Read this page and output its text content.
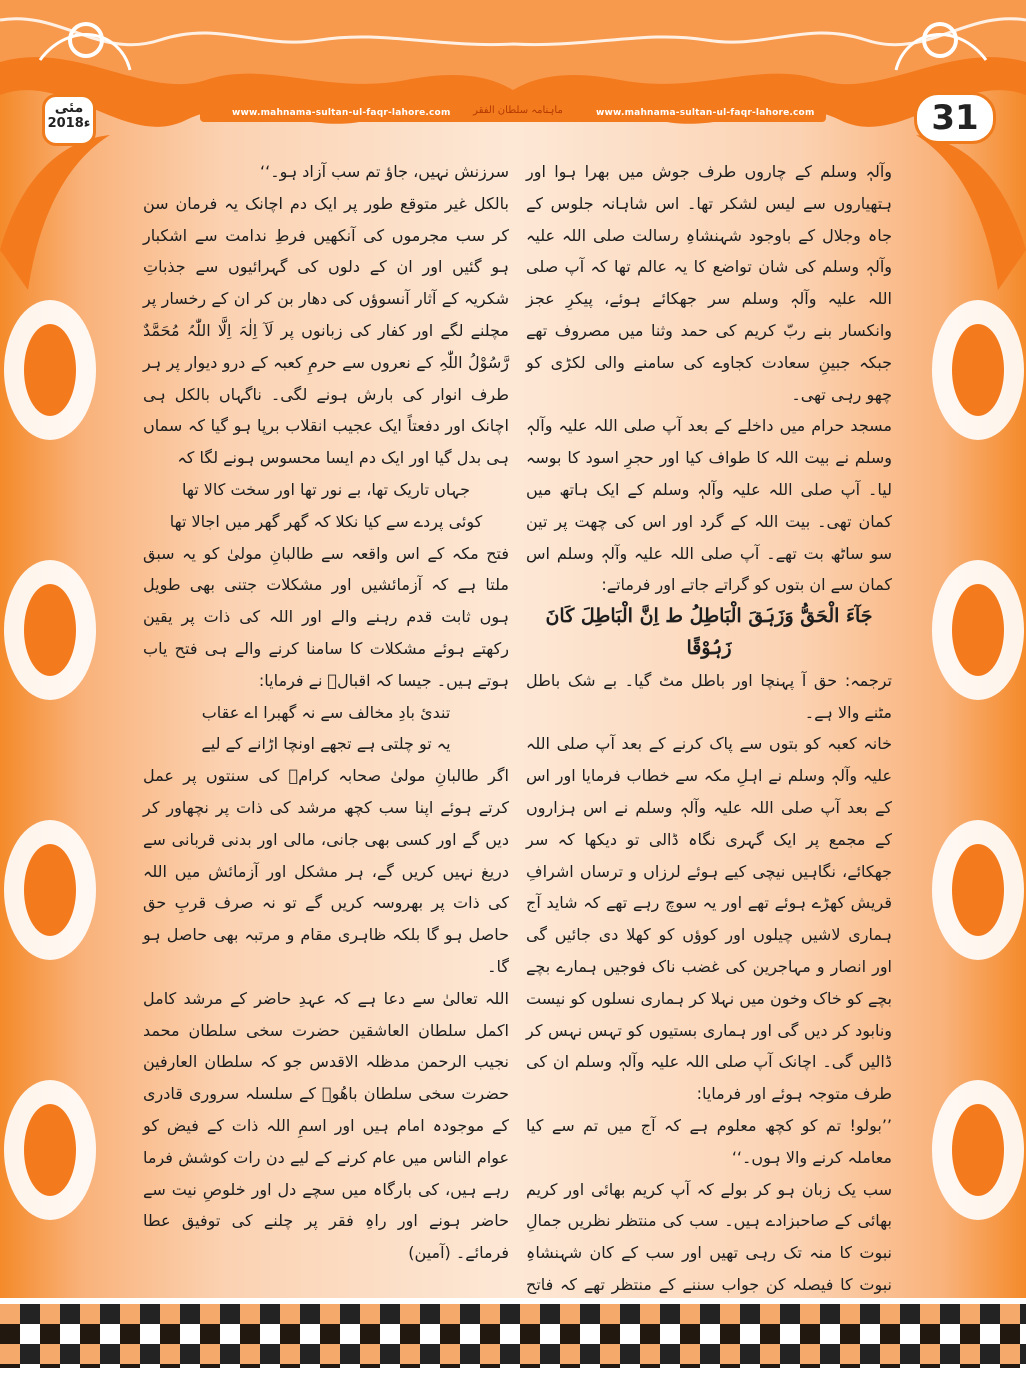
www.mahnama-sultan-ul-faqr-lahore.com	ماہنامہ سلطان الفقر	www.mahnama-sultan-ul-faqr-lahore.com
مئی
2018ء	31

وآلہٖ وسلم کے چاروں طرف جوش میں بھرا ہوا اور ہتھیاروں سے لیس لشکر تھا۔ اس شاہانہ جلوس کے جاہ وجلال کے باوجود شہنشاہِ رسالت صلی اللہ علیہ وآلہٖ وسلم کی شان تواضع کا یہ عالم تھا کہ آپ صلی اللہ علیہ وآلہٖ وسلم سر جھکائے ہوئے، پیکرِ عجز وانکسار بنے ربّ کریم کی حمد وثنا میں مصروف تھے جبکہ جبینِ سعادت کجاوے کی سامنے والی لکڑی کو چھو رہی تھی۔

مسجد حرام میں داخلے کے بعد آپ صلی اللہ علیہ وآلہٖ وسلم نے بیت اللہ کا طواف کیا اور حجرِ اسود کا بوسہ لیا۔ آپ صلی اللہ علیہ وآلہٖ وسلم کے ایک ہاتھ میں کمان تھی۔ بیت اللہ کے گرد اور اس کی چھت پر تین سو ساٹھ بت تھے۔ آپ صلی اللہ علیہ وآلہٖ وسلم اس کمان سے ان بتوں کو گراتے جاتے اور فرماتے:

جَآءَ الْحَقُّ وَزَہَقَ الْبَاطِلُ ط اِنَّ الْبَاطِلَ کَانَ زَہُوْقًا

ترجمہ: حق آ پہنچا اور باطل مٹ گیا۔ بے شک باطل مٹنے والا ہے۔

خانہ کعبہ کو بتوں سے پاک کرنے کے بعد آپ صلی اللہ علیہ وآلہٖ وسلم نے اہلِ مکہ سے خطاب فرمایا اور اس کے بعد آپ صلی اللہ علیہ وآلہٖ وسلم نے اس ہزاروں کے مجمع پر ایک گہری نگاہ ڈالی تو دیکھا کہ سر جھکائے، نگاہیں نیچی کیے ہوئے لرزاں و ترساں اشرافِ قریش کھڑے ہوئے تھے اور یہ سوچ رہے تھے کہ شاید آج ہماری لاشیں چیلوں اور کوؤں کو کھلا دی جائیں گی اور انصار و مہاجرین کی غضب ناک فوجیں ہمارے بچے بچے کو خاک وخون میں نہلا کر ہماری نسلوں کو نیست ونابود کر دیں گی اور ہماری بستیوں کو تہس نہس کر ڈالیں گی۔ اچانک آپ صلی اللہ علیہ وآلہٖ وسلم ان کی طرف متوجہ ہوئے اور فرمایا:

’’بولو! تم کو کچھ معلوم ہے کہ آج میں تم سے کیا معاملہ کرنے والا ہوں۔‘‘

سب یک زبان ہو کر بولے کہ آپ کریم بھائی اور کریم بھائی کے صاحبزادے ہیں۔ سب کی منتظر نظریں جمالِ نبوت کا منہ تک رہی تھیں اور سب کے کان شہنشاہِ نبوت کا فیصلہ کن جواب سننے کے منتظر تھے کہ فاتح

سرزنش نہیں، جاؤ تم سب آزاد ہو۔‘‘

بالکل غیر متوقع طور پر ایک دم اچانک یہ فرمان سن کر سب مجرموں کی آنکھیں فرطِ ندامت سے اشکبار ہو گئیں اور ان کے دلوں کی گہرائیوں سے جذباتِ شکریہ کے آثار آنسوؤں کی دھار بن کر ان کے رخسار پر مچلنے لگے اور کفار کی زبانوں پر لَآ اِلٰہَ اِلَّا اللّٰہُ مُحَمَّدٌ رَّسُوْلُ اللّٰہِ کے نعروں سے حرمِ کعبہ کے درو دیوار پر ہر طرف انوار کی بارش ہونے لگی۔ ناگہاں بالکل ہی اچانک اور دفعتاً ایک عجیب انقلاب برپا ہو گیا کہ سماں ہی بدل گیا اور ایک دم ایسا محسوس ہونے لگا کہ

جہاں تاریک تھا، بے نور تھا اور سخت کالا تھا

کوئی پردے سے کیا نکلا کہ گھر گھر میں اجالا تھا

فتح مکہ کے اس واقعہ سے طالبانِ مولیٰ کو یہ سبق ملتا ہے کہ آزمائشیں اور مشکلات جتنی بھی طویل ہوں ثابت قدم رہنے والے اور اللہ کی ذات پر یقین رکھتے ہوئے مشکلات کا سامنا کرنے والے ہی فتح یاب ہوتے ہیں۔ جیسا کہ اقبالؒ نے فرمایا:

تندیٔ بادِ مخالف سے نہ گھبرا اے عقاب

یہ تو چلتی ہے تجھے اونچا اڑانے کے لیے

اگر طالبانِ مولیٰ صحابہ کرامؓ کی سنتوں پر عمل کرتے ہوئے اپنا سب کچھ مرشد کی ذات پر نچھاور کر دیں گے اور کسی بھی جانی، مالی اور بدنی قربانی سے دریغ نہیں کریں گے، ہر مشکل اور آزمائش میں اللہ کی ذات پر بھروسہ کریں گے تو نہ صرف قربِ حق حاصل ہو گا بلکہ ظاہری مقام و مرتبہ بھی حاصل ہو گا۔

اللہ تعالیٰ سے دعا ہے کہ عہدِ حاضر کے مرشد کامل اکمل سلطان العاشقین حضرت سخی سلطان محمد نجیب الرحمن مدظلہ الاقدس جو کہ سلطان العارفین حضرت سخی سلطان باھُوؒ کے سلسلہ سروری قادری کے موجودہ امام ہیں اور اسمِ اللہ ذات کے فیض کو عوام الناس میں عام کرنے کے لیے دن رات کوشش فرما رہے ہیں، کی بارگاہ میں سچے دل اور خلوصِ نیت سے حاضر ہونے اور راہِ فقر پر چلنے کی توفیق عطا فرمائے۔ (آمین)
